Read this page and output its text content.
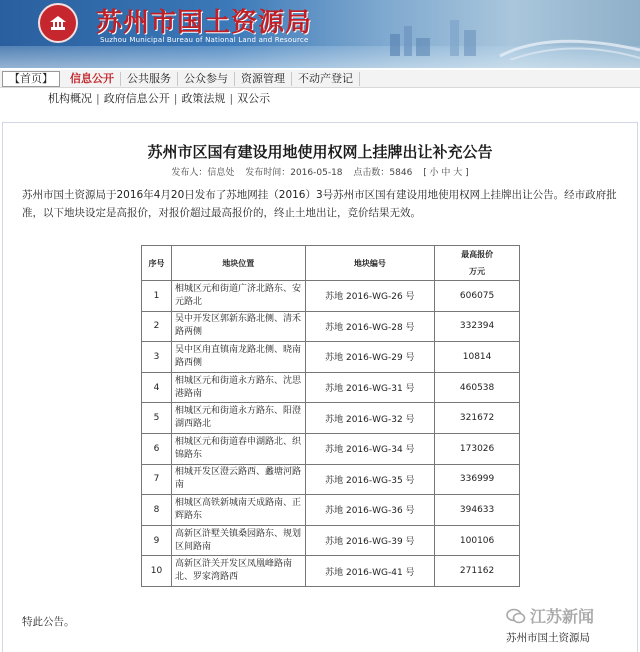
苏州市国土资源局
Suzhou Municipal Bureau of National Land and Resource
【首页】	信息公开	公共服务	公众参与	资源管理	不动产登记
机构概况 | 政府信息公开 | 政策法规 | 双公示
苏州市区国有建设用地使用权网上挂牌出让补充公告
发布人：信息处 发布时间：2016-05-18 点击数：5846 [ 小 中 大 ]

苏州市国土资源局于2016年4月20日发布了苏地网挂（2016）3号苏州市区国有建设用地使用权网上挂牌出让公告。经市政府批准，以下地块设定是高报价，对报价超过最高报价的，终止土地出让，竞价结果无效。

序号	地块位置	地块编号	最高报价
万元

1	相城区元和街道广济北路东、安元路北	苏地 2016-WG-26 号	606075
2	吴中开发区郭新东路北侧、清禾路两侧	苏地 2016-WG-28 号	332394
3	吴中区甪直镇南龙路北侧、晓南路西侧	苏地 2016-WG-29 号	10814
4	相城区元和街道永方路东、沈思港路南	苏地 2016-WG-31 号	460538
5	相城区元和街道永方路东、阳澄湖西路北	苏地 2016-WG-32 号	321672
6	相城区元和街道春申湖路北、织锦路东	苏地 2016-WG-34 号	173026
7	相城开发区澄云路西、蠡塘河路南	苏地 2016-WG-35 号	336999
8	相城区高铁新城南天成路南、正辉路东	苏地 2016-WG-36 号	394633
9	高新区浒墅关镇桑园路东、规划区间路南	苏地 2016-WG-39 号	100106
10	高新区浒关开发区凤凰峰路南北、罗家湾路西	苏地 2016-WG-41 号	271162
江苏新闻
特此公告。
苏州市国土资源局
